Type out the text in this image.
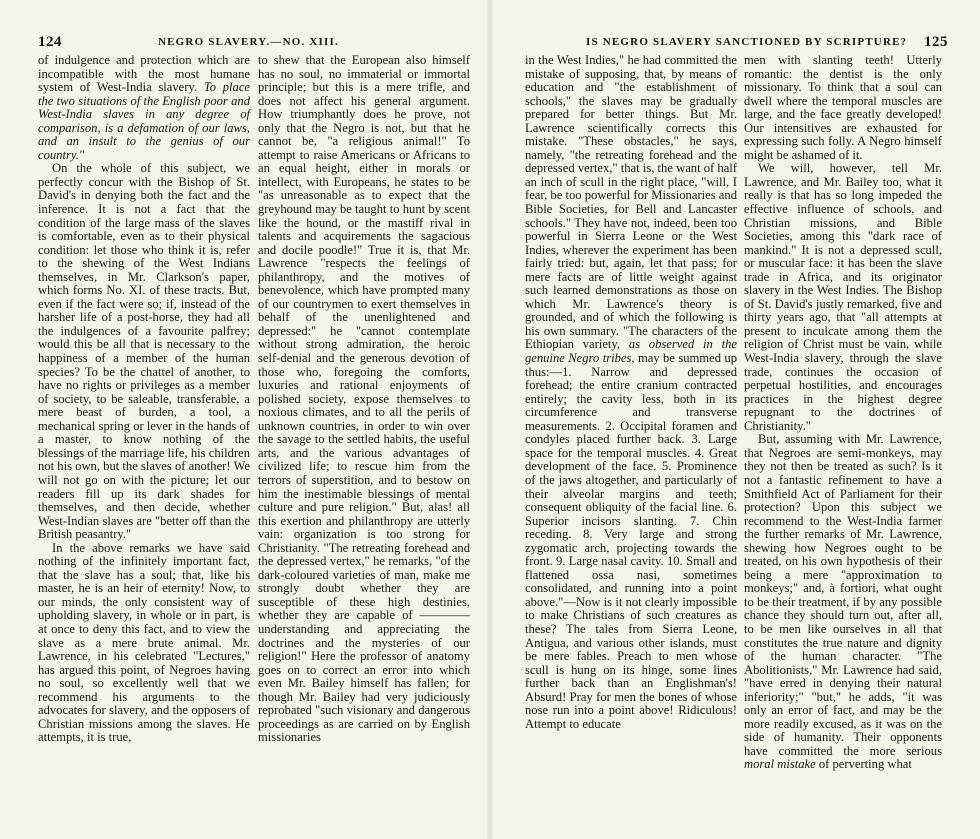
124	NEGRO SLAVERY.—NO. XIII.	IS NEGRO SLAVERY SANCTIONED BY SCRIPTURE? 125

of indulgence and protection which are incompatible with the most humane system of West-India slavery. To place the two situations of the English poor and West-India slaves in any degree of comparison, is a defamation of our laws, and an insult to the genius of our country."

On the whole of this subject, we perfectly concur with the Bishop of St. David's in denying both the fact and the inference. It is not a fact that the condition of the large mass of the slaves is comfortable, even as to their physical condition: let those who think it is, refer to the shewing of the West Indians themselves, in Mr. Clarkson's paper, which forms No. XI. of these tracts. But, even if the fact were so; if, instead of the harsher life of a post-horse, they had all the indulgences of a favourite palfrey; would this be all that is necessary to the happiness of a member of the human species? To be the chattel of another, to have no rights or privileges as a member of society, to be saleable, transferable, a mere beast of burden, a tool, a mechanical spring or lever in the hands of a master, to know nothing of the blessings of the marriage life, his children not his own, but the slaves of another! We will not go on with the picture; let our readers fill up its dark shades for themselves, and then decide, whether West-Indian slaves are "better off than the British peasantry."

In the above remarks we have said nothing of the infinitely important fact, that the slave has a soul; that, like his master, he is an heir of eternity! Now, to our minds, the only consistent way of upholding slavery, in whole or in part, is at once to deny this fact, and to view the slave as a mere brute animal. Mr. Lawrence, in his celebrated "Lectures," has argued this point, of Negroes having no soul, so excellently well that we recommend his arguments to the advocates for slavery, and the opposers of Christian missions among the slaves. He attempts, it is true,

to shew that the European also himself has no soul, no immaterial or immortal principle; but this is a mere trifle, and does not affect his general argument. How triumphantly does he prove, not only that the Negro is not, but that he cannot be, "a religious animal!" To attempt to raise Americans or Africans to an equal height, either in morals or intellect, with Europeans, he states to be "as unreasonable as to expect that the greyhound may be taught to hunt by scent like the hound, or the mastiff rival in talents and acquirements the sagacious and docile poodle!" True it is, that Mr. Lawrence "respects the feelings of philanthropy, and the motives of benevolence, which have prompted many of our countrymen to exert themselves in behalf of the unenlightened and depressed:" he "cannot contemplate without strong admiration, the heroic self-denial and the generous devotion of those who, foregoing the comforts, luxuries and rational enjoyments of polished society, expose themselves to noxious climates, and to all the perils of unknown countries, in order to win over the savage to the settled habits, the useful arts, and the various advantages of civilized life; to rescue him from the terrors of superstition, and to bestow on him the inestimable blessings of mental culture and pure religion." But, alas! all this exertion and philanthropy are utterly vain: organization is too strong for Christianity. "The retreating forehead and the depressed vertex," he remarks, "of the dark-coloured varieties of man, make me strongly doubt whether they are susceptible of these high destinies, whether they are capable of ———— understanding and appreciating the doctrines and the mysteries of our religion!" Here the professor of anatomy goes on to correct an error into which even Mr. Bailey himself has fallen; for though Mr. Bailey had very judiciously reprobated "such visionary and dangerous proceedings as are carried on by English missionaries

in the West Indies," he had committed the mistake of supposing, that, by means of education and "the establishment of schools," the slaves may be gradually prepared for better things. But Mr. Lawrence scientifically corrects this mistake. "These obstacles," he says, namely, "the retreating forehead and the depressed vertex," that is, the want of half an inch of scull in the right place, "will, I fear, be too powerful for Missionaries and Bible Societies, for Bell and Lancaster schools." They have not, indeed, been too powerful in Sierra Leone or the West Indies, wherever the experiment has been fairly tried: but, again, let that pass; for mere facts are of little weight against such learned demonstrations as those on which Mr. Lawrence's theory is grounded, and of which the following is his own summary. "The characters of the Ethiopian variety, as observed in the genuine Negro tribes, may be summed up thus:—1. Narrow and depressed forehead; the entire cranium contracted entirely; the cavity less, both in its circumference and transverse measurements. 2. Occipital foramen and condyles placed further back. 3. Large space for the temporal muscles. 4. Great development of the face. 5. Prominence of the jaws altogether, and particularly of their alveolar margins and teeth; consequent obliquity of the facial line. 6. Superior incisors slanting. 7. Chin receding. 8. Very large and strong zygomatic arch, projecting towards the front. 9. Large nasal cavity. 10. Small and flattened ossa nasi, sometimes consolidated, and running into a point above."—Now is it not clearly impossible to make Christians of such creatures as these? The tales from Sierra Leone, Antigua, and various other islands, must be mere fables. Preach to men whose scull is hung on its hinge, some lines further back than an Englishman's! Absurd! Pray for men the bones of whose nose run into a point above! Ridiculous! Attempt to educate

men with slanting teeth! Utterly romantic: the dentist is the only missionary. To think that a soul can dwell where the temporal muscles are large, and the face greatly developed! Our intensitives are exhausted for expressing such folly. A Negro himself might be ashamed of it.

We will, however, tell Mr. Lawrence, and Mr. Bailey too, what it really is that has so long impeded the effective influence of schools, and Christian missions, and Bible Societies, among this "dark race of mankind." It is not a depressed scull, or muscular face: it has been the slave trade in Africa, and its originator slavery in the West Indies. The Bishop of St. David's justly remarked, five and thirty years ago, that "all attempts at present to inculcate among them the religion of Christ must be vain, while West-India slavery, through the slave trade, continues the occasion of perpetual hostilities, and encourages practices in the highest degree repugnant to the doctrines of Christianity."

But, assuming with Mr. Lawrence, that Negroes are semi-monkeys, may they not then be treated as such? Is it not a fantastic refinement to have a Smithfield Act of Parliament for their protection? Upon this subject we recommend to the West-India farmer the further remarks of Mr. Lawrence, shewing how Negroes ought to be treated, on his own hypothesis of their being a mere "approximation to monkeys;" and, à fortiori, what ought to be their treatment, if by any possible chance they should turn out, after all, to be men like ourselves in all that constitutes the true nature and dignity of the human character. "The Abolitionists," Mr. Lawrence had said, "have erred in denying their natural inferiority;" "but," he adds, "it was only an error of fact, and may be the more readily excused, as it was on the side of humanity. Their opponents have committed the more serious moral mistake of perverting what
